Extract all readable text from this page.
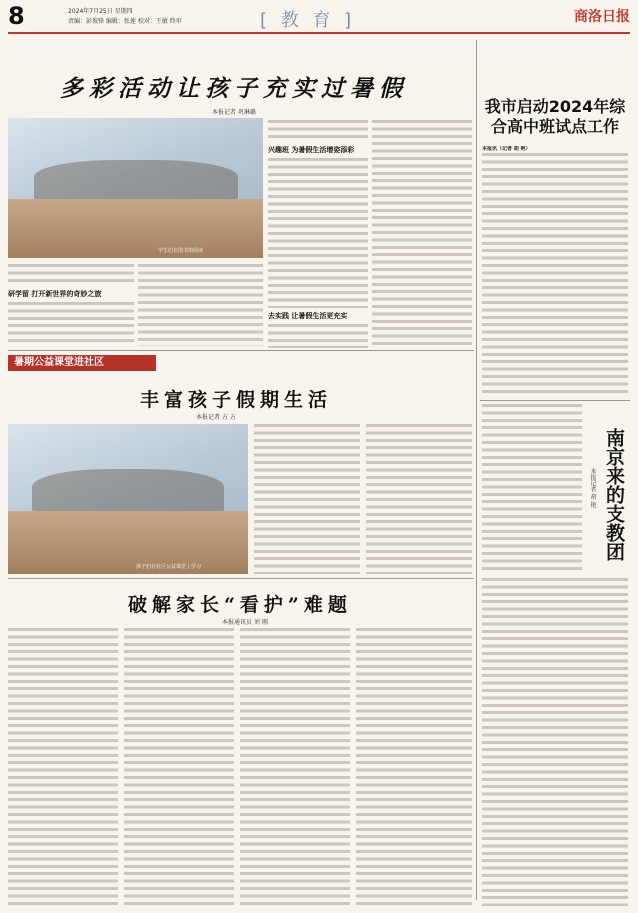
8	2024年7月25日 星期四
责编：彭俊锋 编辑：张莲 校对：王敏 终审	[ 教 育 ]	商洛日报
多彩活动让孩子充实过暑假
本报记者 巩琳璐
学生们在图书馆阅读
研学留 打开新世界的奇妙之旅
兴趣班 为暑假生活增姿添彩
去实践 让暑假生活更充实
暑期公益课堂进社区
丰富孩子假期生活
本报记者 方 方
孩子们在社区公益课堂上学习
破解家长“看护”难题
本报通讯员 刘 刚
我市启动2024年综合高中班试点工作
本报讯（记者 胡 艳）
南京来的支教团
本报记者 胡 艳
